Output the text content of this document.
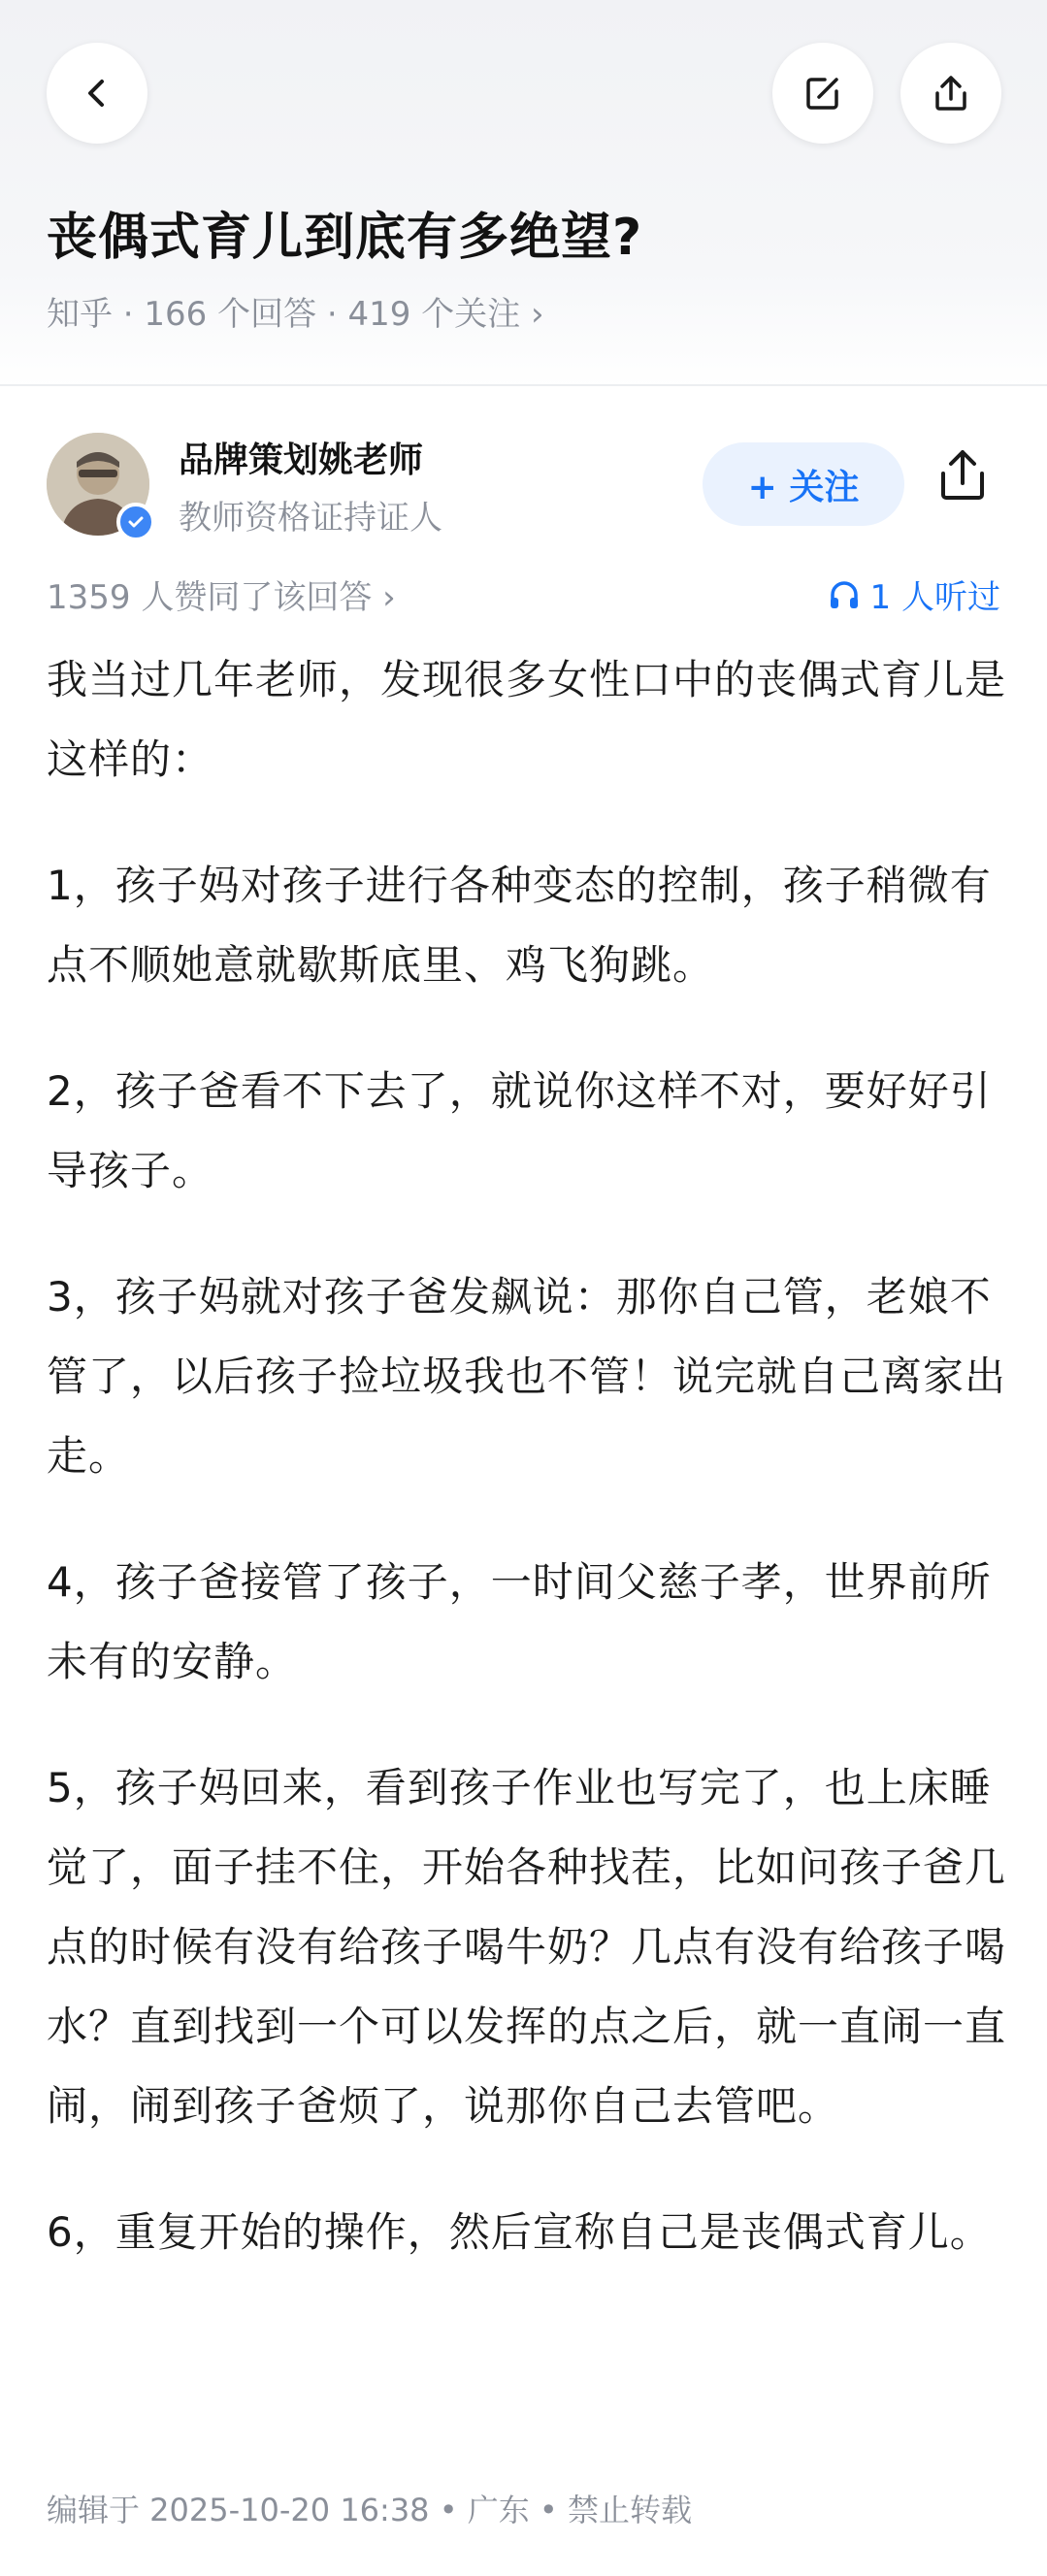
丧偶式育儿到底有多绝望?
知乎 · 166 个回答 · 419 个关注 ›
品牌策划姚老师
教师资格证持证人
+ 关注
1359 人赞同了该回答 ›	1 人听过

我当过几年老师，发现很多女性口中的丧偶式育儿是这样的：

1，孩子妈对孩子进行各种变态的控制，孩子稍微有点不顺她意就歇斯底里、鸡飞狗跳。

2，孩子爸看不下去了，就说你这样不对，要好好引导孩子。

3，孩子妈就对孩子爸发飙说：那你自己管，老娘不管了，以后孩子捡垃圾我也不管！说完就自己离家出走。

4，孩子爸接管了孩子，一时间父慈子孝，世界前所未有的安静。

5，孩子妈回来，看到孩子作业也写完了，也上床睡觉了，面子挂不住，开始各种找茬，比如问孩子爸几点的时候有没有给孩子喝牛奶？几点有没有给孩子喝水？直到找到一个可以发挥的点之后，就一直闹一直闹，闹到孩子爸烦了，说那你自己去管吧。

6，重复开始的操作，然后宣称自己是丧偶式育儿。

编辑于 2025-10-20 16:38 • 广东 • 禁止转载
